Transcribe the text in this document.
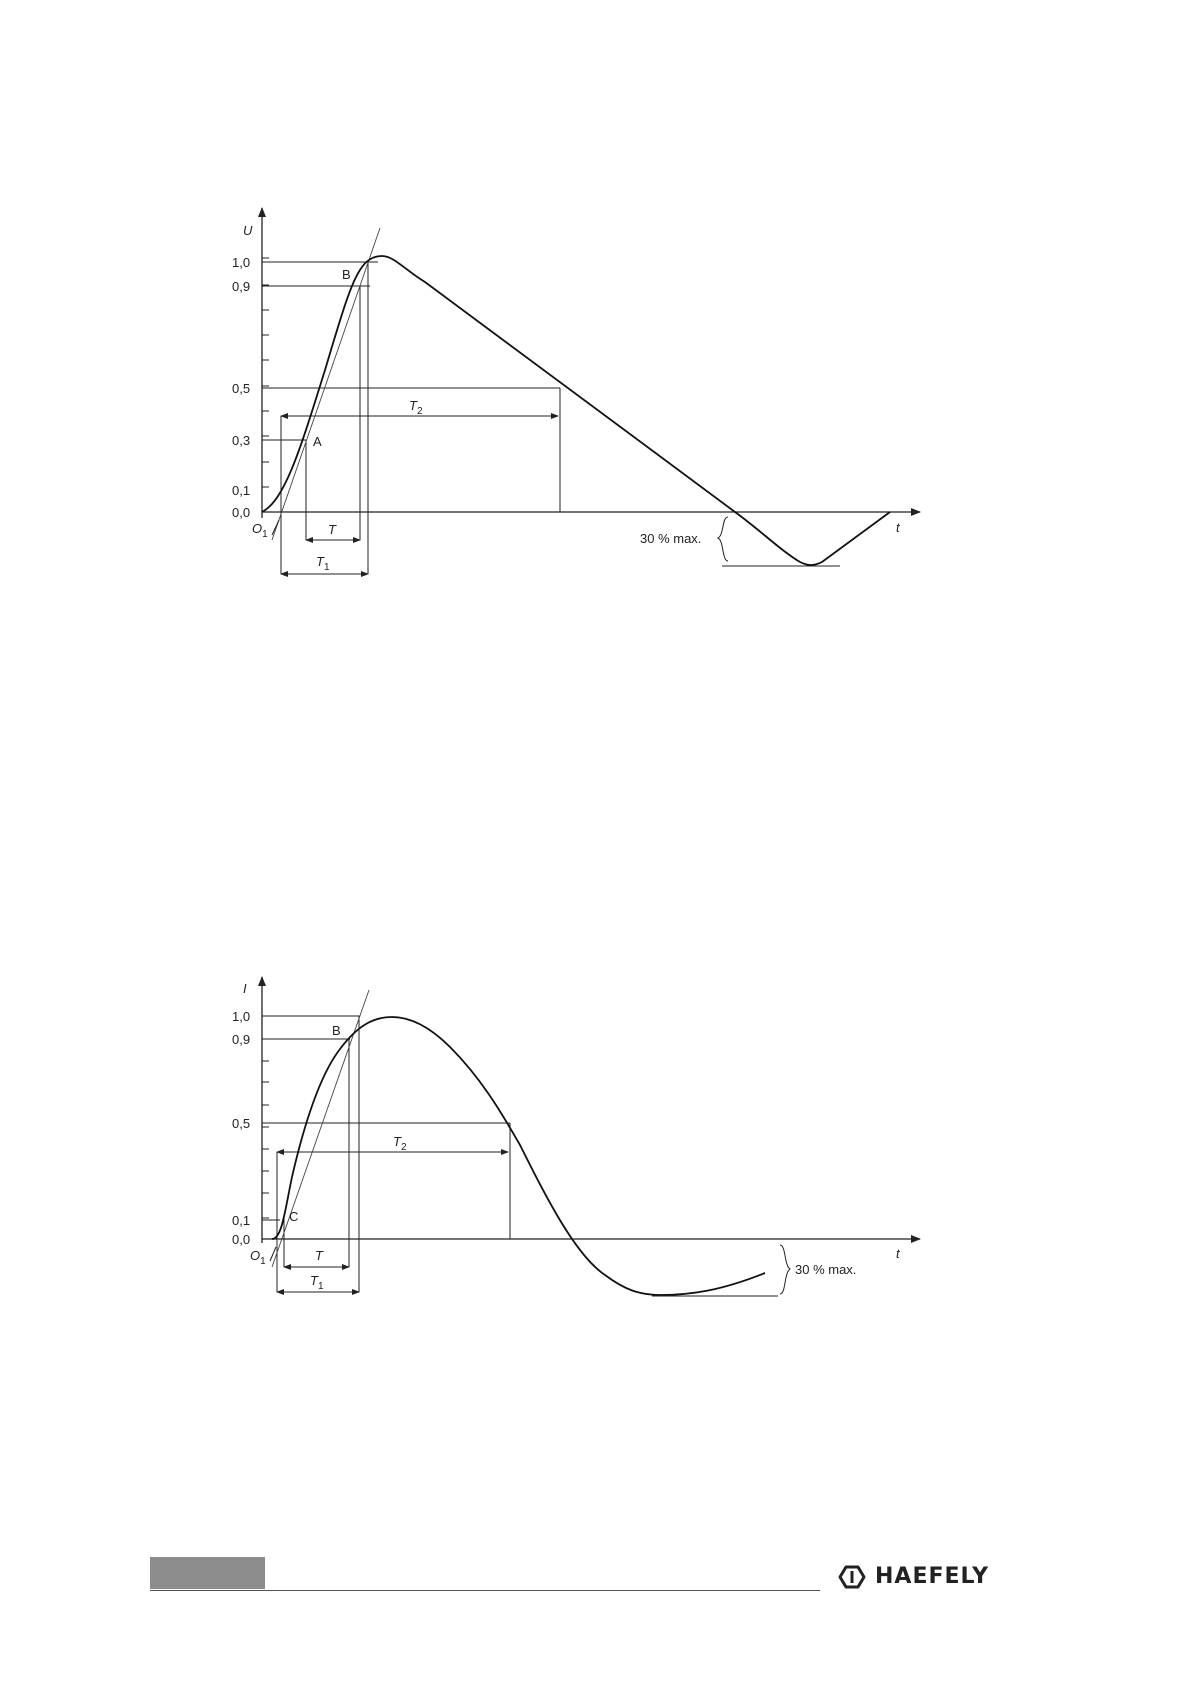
1,0
0,9
0,5
0,3
0,1
0,0
U
t
A
B
$O_1$
$T_2$
T
$T_1$
30 % max.
1,0
0,9
0,5
0,1
0,0
I
t
C
B
$O_1$
$T_2$
T
$T_1$
30 % max.
HAEFELY
